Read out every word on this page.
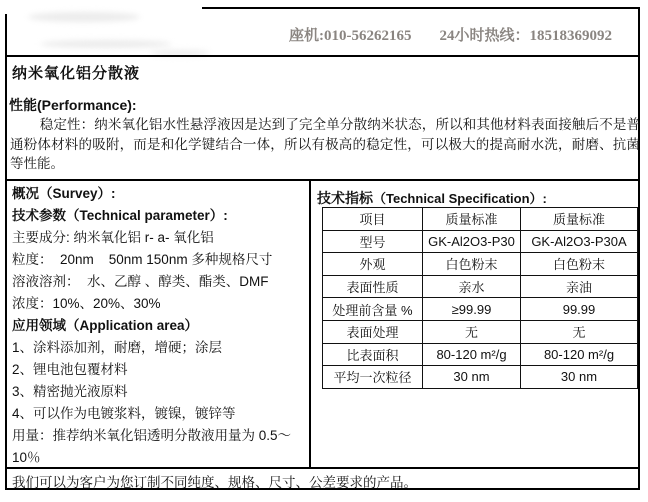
座机:010-56262165 24小时热线：18518369092
纳米氧化铝分散液
性能(Performance):
稳定性：纳米氧化铝水性悬浮液因是达到了完全单分散纳米状态，所以和其他材料表面接触后不是普通粉体材料的吸附，而是和化学键结合一体，所以有极高的稳定性，可以极大的提高耐水洗，耐磨、抗菌等性能。
概况（Survey）:
技术参数（Technical parameter）:
主要成分: 纳米氧化铝 r- a- 氧化铝
粒度：  20nm    50nm 150nm 多种规格尺寸
溶液溶剂：  水、乙醇 、醇类、酯类、DMF
浓度：10%、20%、30%
应用领域（Application area）
1、涂料添加剂，耐磨，增硬；涂层
2、锂电池包覆材料
3、精密抛光液原料
4、可以作为电镀浆料，镀镍，镀锌等
用量：推荐纳米氧化铝透明分散液用量为 0.5～10％
技术指标（Technical Specification）:
项目	质量标准	质量标准
型号	GK-Al2O3-P30	GK-Al2O3-P30A
外观	白色粉末	白色粉末
表面性质	亲水	亲油
处理前含量 %	≥99.99	99.99
表面处理	无	无
比表面积	80-120 m²/g	80-120 m²/g
平均一次粒径	30 nm	30 nm
我们可以为客户为您订制不同纯度、规格、尺寸、公差要求的产品。
